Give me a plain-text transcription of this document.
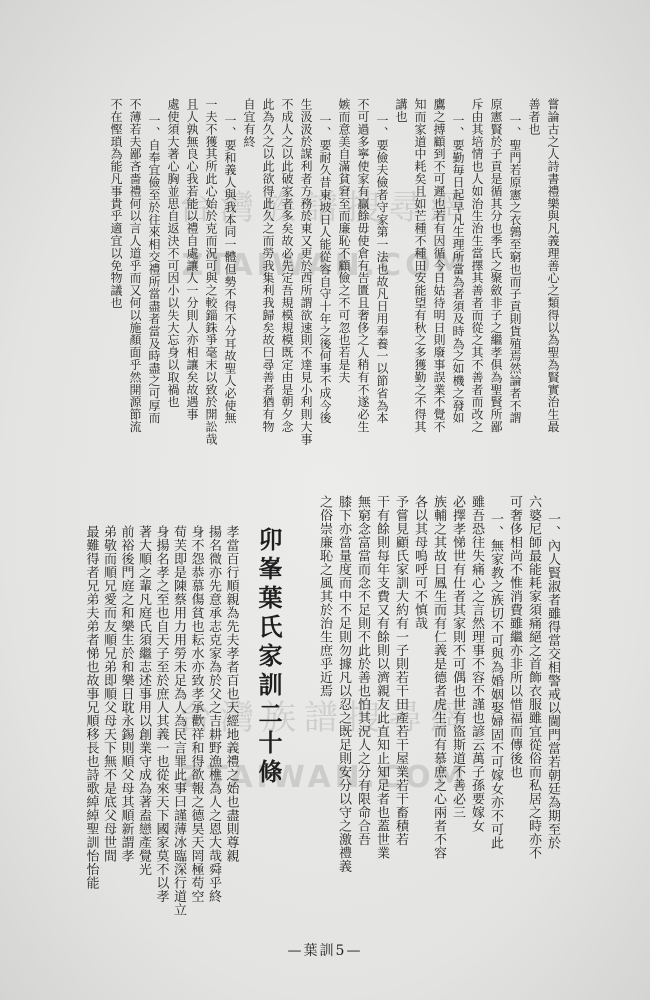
台灣族譜搜尋網
ZTAIWAN.COM
台灣族譜搜尋網
ZTAIWAN.COM
嘗論古之人詩書禮樂與凡義理善心之類得以為聖為賢實治生最
善者也
一、聖門若原憲之衣鶉至窮也而子貢則貨殖焉然論者不謂
原憲賢於子貢是循其分也季氏之聚斂非子之繼孝俱為聖賢所鄙
斥由其培情也人如治生治生當擇其善者而從之其不善者而改之
一、要勤毎日起早凡生理所當為者須及時為之如機之發如
鷹之搏顧到不可遲也若有因循今日姑待明日則廢事誤業不覺不
知而家道中耗矣且如芒種不種田安能望有秋之多獲勤之不得其
講也
一、要儉夫儉者守家第一法也故凡日用奉養一以節省為本
不可過多寧使家有贏餘毋使倉有告匱且奢侈之人稍有不遂必生
嫉而意美自滿貧窘至而廉恥不顧儉之不可忽也若是夫
一、要耐久昔東坡日人能從容自守十年之後何事不成今後
生汲汲於謀利者方務於東又更於西所謂欲速則不達見小利則大事
不成人之以此破家者多矣故必先定吾規模規模既定由是朝夕念
此為久之以此欲得此久之而勞我集利我歸矣故曰尋善者猶有物
自宜有終
一、要和義人與我本同一體但勢不得不分耳故聖人必使無
一夫不獲其所此心始於克而況可與之較錙銖爭毫末以致於開訟哉
且人孰無良心我若能以禮自處讓人一分則人亦相讓矣故遇事
處使須大著心胸並思自返決不可因小以失大忘身以取禍也
一、自奉宜儉至於往來相交禮所當盡者當及時盡之可厚而
不薄若夫鄙吝嗇禮何以言人道乎而又何以施顏面乎然開源節流
不在慳瑣為能凡事貴乎適宜以免物議也
一、內人賢淑者雖得當交相警戒以閫門當若朝廷為期至於
六婆尼師最能耗家須痛絕之首飾衣服雖宜從俗而私居之時亦不
可奢侈相尚不惟消費雖繼亦非所以惜福而傳後也
一、無家教之族切不可與為婚姻娶婦固不可嫁女亦不可此
雖吾恐往失痛心之言然理事不容不謹也諺云萬子孫要嫁女
必擇孝悌世有仕者其家則不可偶也世有盜斯道不善必三
族輔之其故日鳳生而有仁義是德者虎生而有慕庶之心兩者不容
各以其母嗚呼可不慎哉
予嘗見顧氏家訓大約有一子則若干田產若干屋業若干畜積若
干有餘則每年支費又有餘則以濟親友此直知止知足者也蓋世業
無窮念富當而念不足則不此於善也怕其況人之分有限命合吾
膝下亦當量度而中不足則勿據凡以忍之既足則安分以守之激禮義
之俗崇廉恥之風其於治生庶乎近焉
卯峯葉氏家訓二十條
孝當百行順親為先夫孝者百也天經地義禮之始也盡則尊親
揚名微亦先意承志克家為於父之吉耕野漁樵為人之恩大哉舜乎終
身不怨恭慕傷貧也耘水亦致孝承歡祥和得欲報之德昊天罔極苟空
荀芙即是陳蔡用力用勞未足為人為民言罪此事曰謹薄冰臨深行道立
身揚名孝之至也自天子至於庶人其義一也從來天下國家莫不以孝
著大順之輩凡庭氏須繼志述事用以創業守成為著盍戀產覺光
前裕後門庭之和樂生於和樂日耽永錫則順父母其順新謂孝
弟敬而順兄愛而友順兄弟即順父母天下無不是底父母世間
最難得者兄弟夫弟者悌也故事兄順移長也詩歌綽綽聖訓怡怡能
—葉訓5—
